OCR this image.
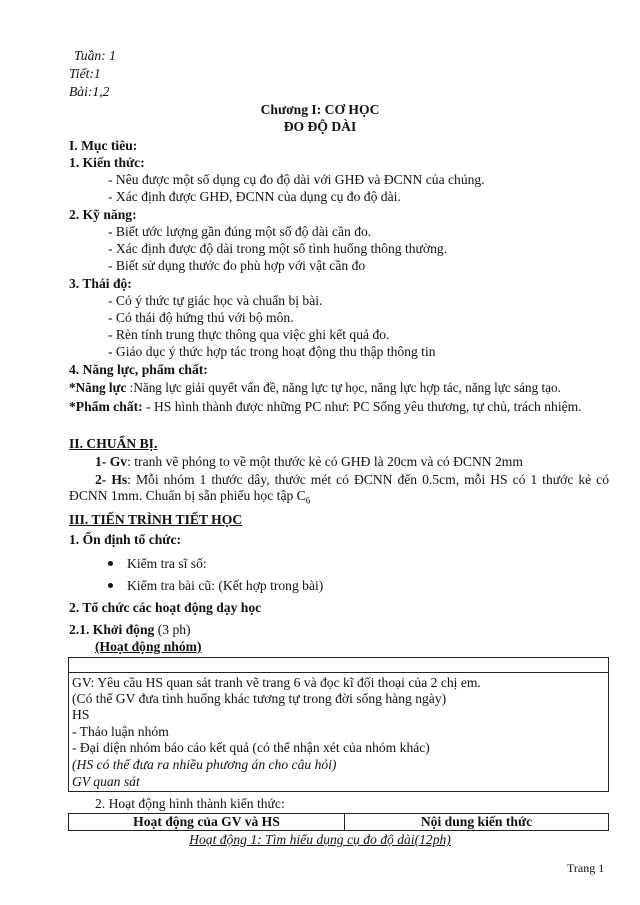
Tuần: 1
Tiết:1
Bài:1,2
Chương I: CƠ HỌC
ĐO ĐỘ DÀI
I. Mục tiêu:
1. Kiến thức:
- Nêu được một số dụng cụ đo độ dài với GHĐ và ĐCNN của chúng.
- Xác định được GHĐ, ĐCNN của dụng cụ đo độ dài.
2. Kỹ năng:
- Biết ước lượng gần đúng một số độ dài cần đo.
- Xác định được độ dài trong một số tình huống thông thường.
- Biết sử dụng thước đo phù hợp với vật cần đo
3. Thái độ:
- Có ý thức tự giác học và chuẩn bị bài.
- Có thái độ hứng thú với bộ môn.
- Rèn tính trung thực thông qua việc ghi kết quả đo.
- Giáo dục ý thức hợp tác trong hoạt động thu thập thông tin
4. Năng lực, phẩm chất:
*Năng lực :Năng lực giải quyết vấn đề, năng lực tự học, năng lực hợp tác, năng lực sáng tạo.
*Phẩm chất: - HS hình thành được những PC như: PC Sống yêu thương, tự chủ, trách nhiệm.
II. CHUẨN BỊ.
1- Gv: tranh vẽ phóng to về một thước kẻ có GHĐ là 20cm và có ĐCNN 2mm
2- Hs: Mỗi nhóm 1 thước dây, thước mét có ĐCNN đến 0.5cm, mỗi HS có 1 thước kẻ có ĐCNN 1mm. Chuẩn bị sẵn phiếu học tập $C_6$
III. TIẾN TRÌNH TIẾT HỌC
1. Ổn định tổ chức:
Kiểm tra sĩ số:
Kiểm tra bài cũ: (Kết hợp trong bài)
2. Tổ chức các hoạt động dạy học
2.1. Khởi động (3 ph)
(Hoạt động nhóm)
GV: Yêu cầu HS quan sát tranh vẽ trang 6 và đọc kĩ đối thoại của 2 chị em.
(Có thể GV đưa tình huống khác tương tự trong đời sống hàng ngày)
HS
- Thảo luận nhóm
- Đại diện nhóm báo cáo kết quả (có thể nhận xét của nhóm khác)
(HS có thể đưa ra nhiều phương án cho câu hỏi)
GV quan sát
2. Hoạt động hình thành kiến thức:
Hoạt động của GV và HS	Nội dung kiến thức
Hoạt động 1: Tìm hiểu dụng cụ đo độ dài(12ph)
Trang 1
